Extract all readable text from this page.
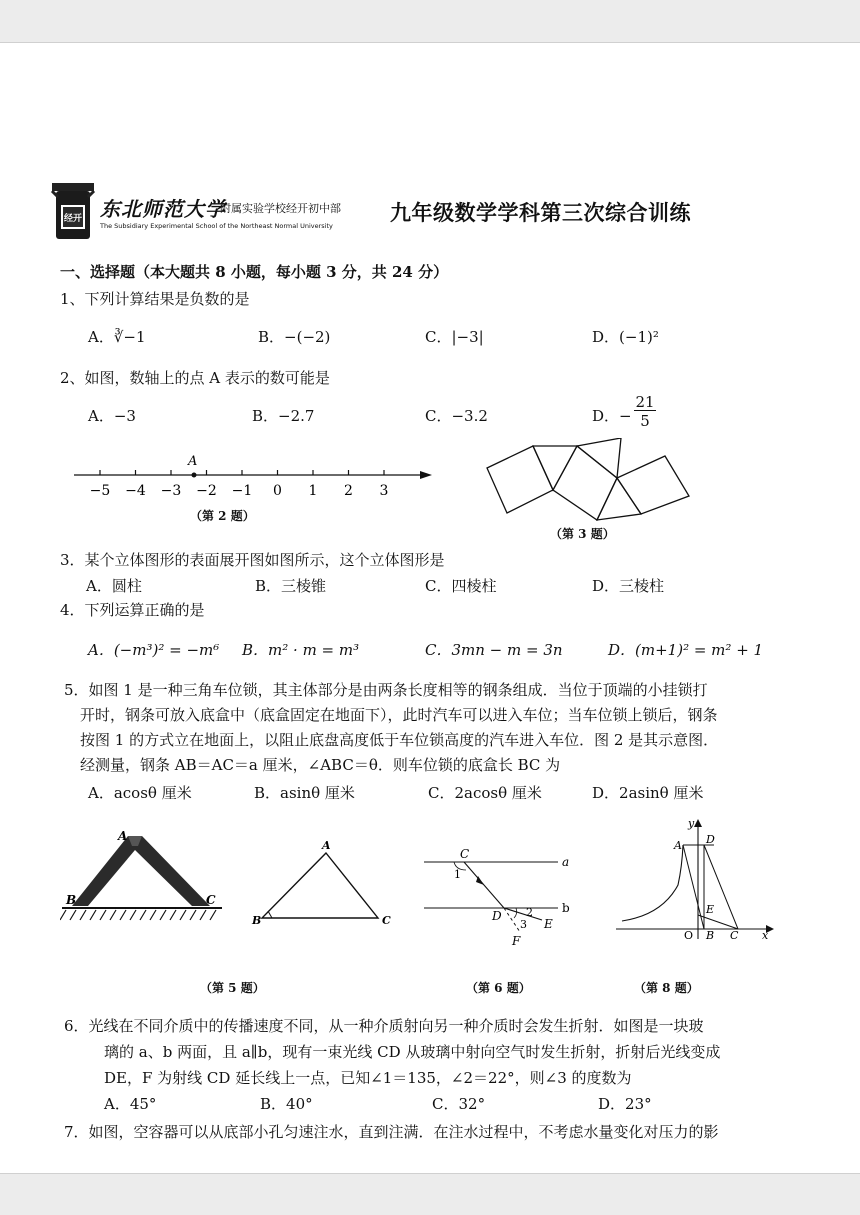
经开 东北师范大学
附属实验学校经开初中部
The Subsidiary Experimental School of the Northeast Normal University
九年级数学学科第三次综合训练
一、选择题（本大题共 8 小题，每小题 3 分，共 24 分）
1、下列计算结果是负数的是
A．∛−1	B．−(−2)	C．|−3|	D．(−1)²
2、如图，数轴上的点 A 表示的数可能是
A．−3	B．−2.7	C．−3.2	D．−
21
5
−5 −4 −3 −2 −1 0 1 2 3
A
（第 2 题）
（第 3 题）
3．某个立体图形的表面展开图如图所示，这个立体图形是
A．圆柱	B．三棱锥	C．四棱柱	D．三棱柱
4．下列运算正确的是
A．(−m³)² = −m⁶ B．m² · m = m³	C．3mn − m = 3n	D．(m+1)² = m² + 1
5．如图 1 是一种三角车位锁，其主体部分是由两条长度相等的钢条组成．当位于顶端的小挂锁打
开时，钢条可放入底盒中（底盒固定在地面下），此时汽车可以进入车位；当车位锁上锁后，钢条
按图 1 的方式立在地面上，以阻止底盘高度低于车位锁高度的汽车进入车位．图 2 是其示意图．
经测量，钢条 AB＝AC＝a 厘米，∠ABC＝θ．则车位锁的底盒长 BC 为
A．acosθ 厘米	B．asinθ 厘米	C．2acosθ 厘米	D．2asinθ 厘米
A
B	C
A
B	C
C
a
1
b
D 2
3 E
F
y
A D
E
O B C x
（第 5 题）	（第 6 题）	（第 8 题）
6．光线在不同介质中的传播速度不同，从一种介质射向另一种介质时会发生折射．如图是一块玻
璃的 a、b 两面，且 a∥b，现有一束光线 CD 从玻璃中射向空气时发生折射，折射后光线变成
DE，F 为射线 CD 延长线上一点，已知∠1＝135，∠2＝22°，则∠3 的度数为
A．45°	B．40°	C．32°	D．23°
7．如图，空容器可以从底部小孔匀速注水，直到注满．在注水过程中，不考虑水量变化对压力的影
